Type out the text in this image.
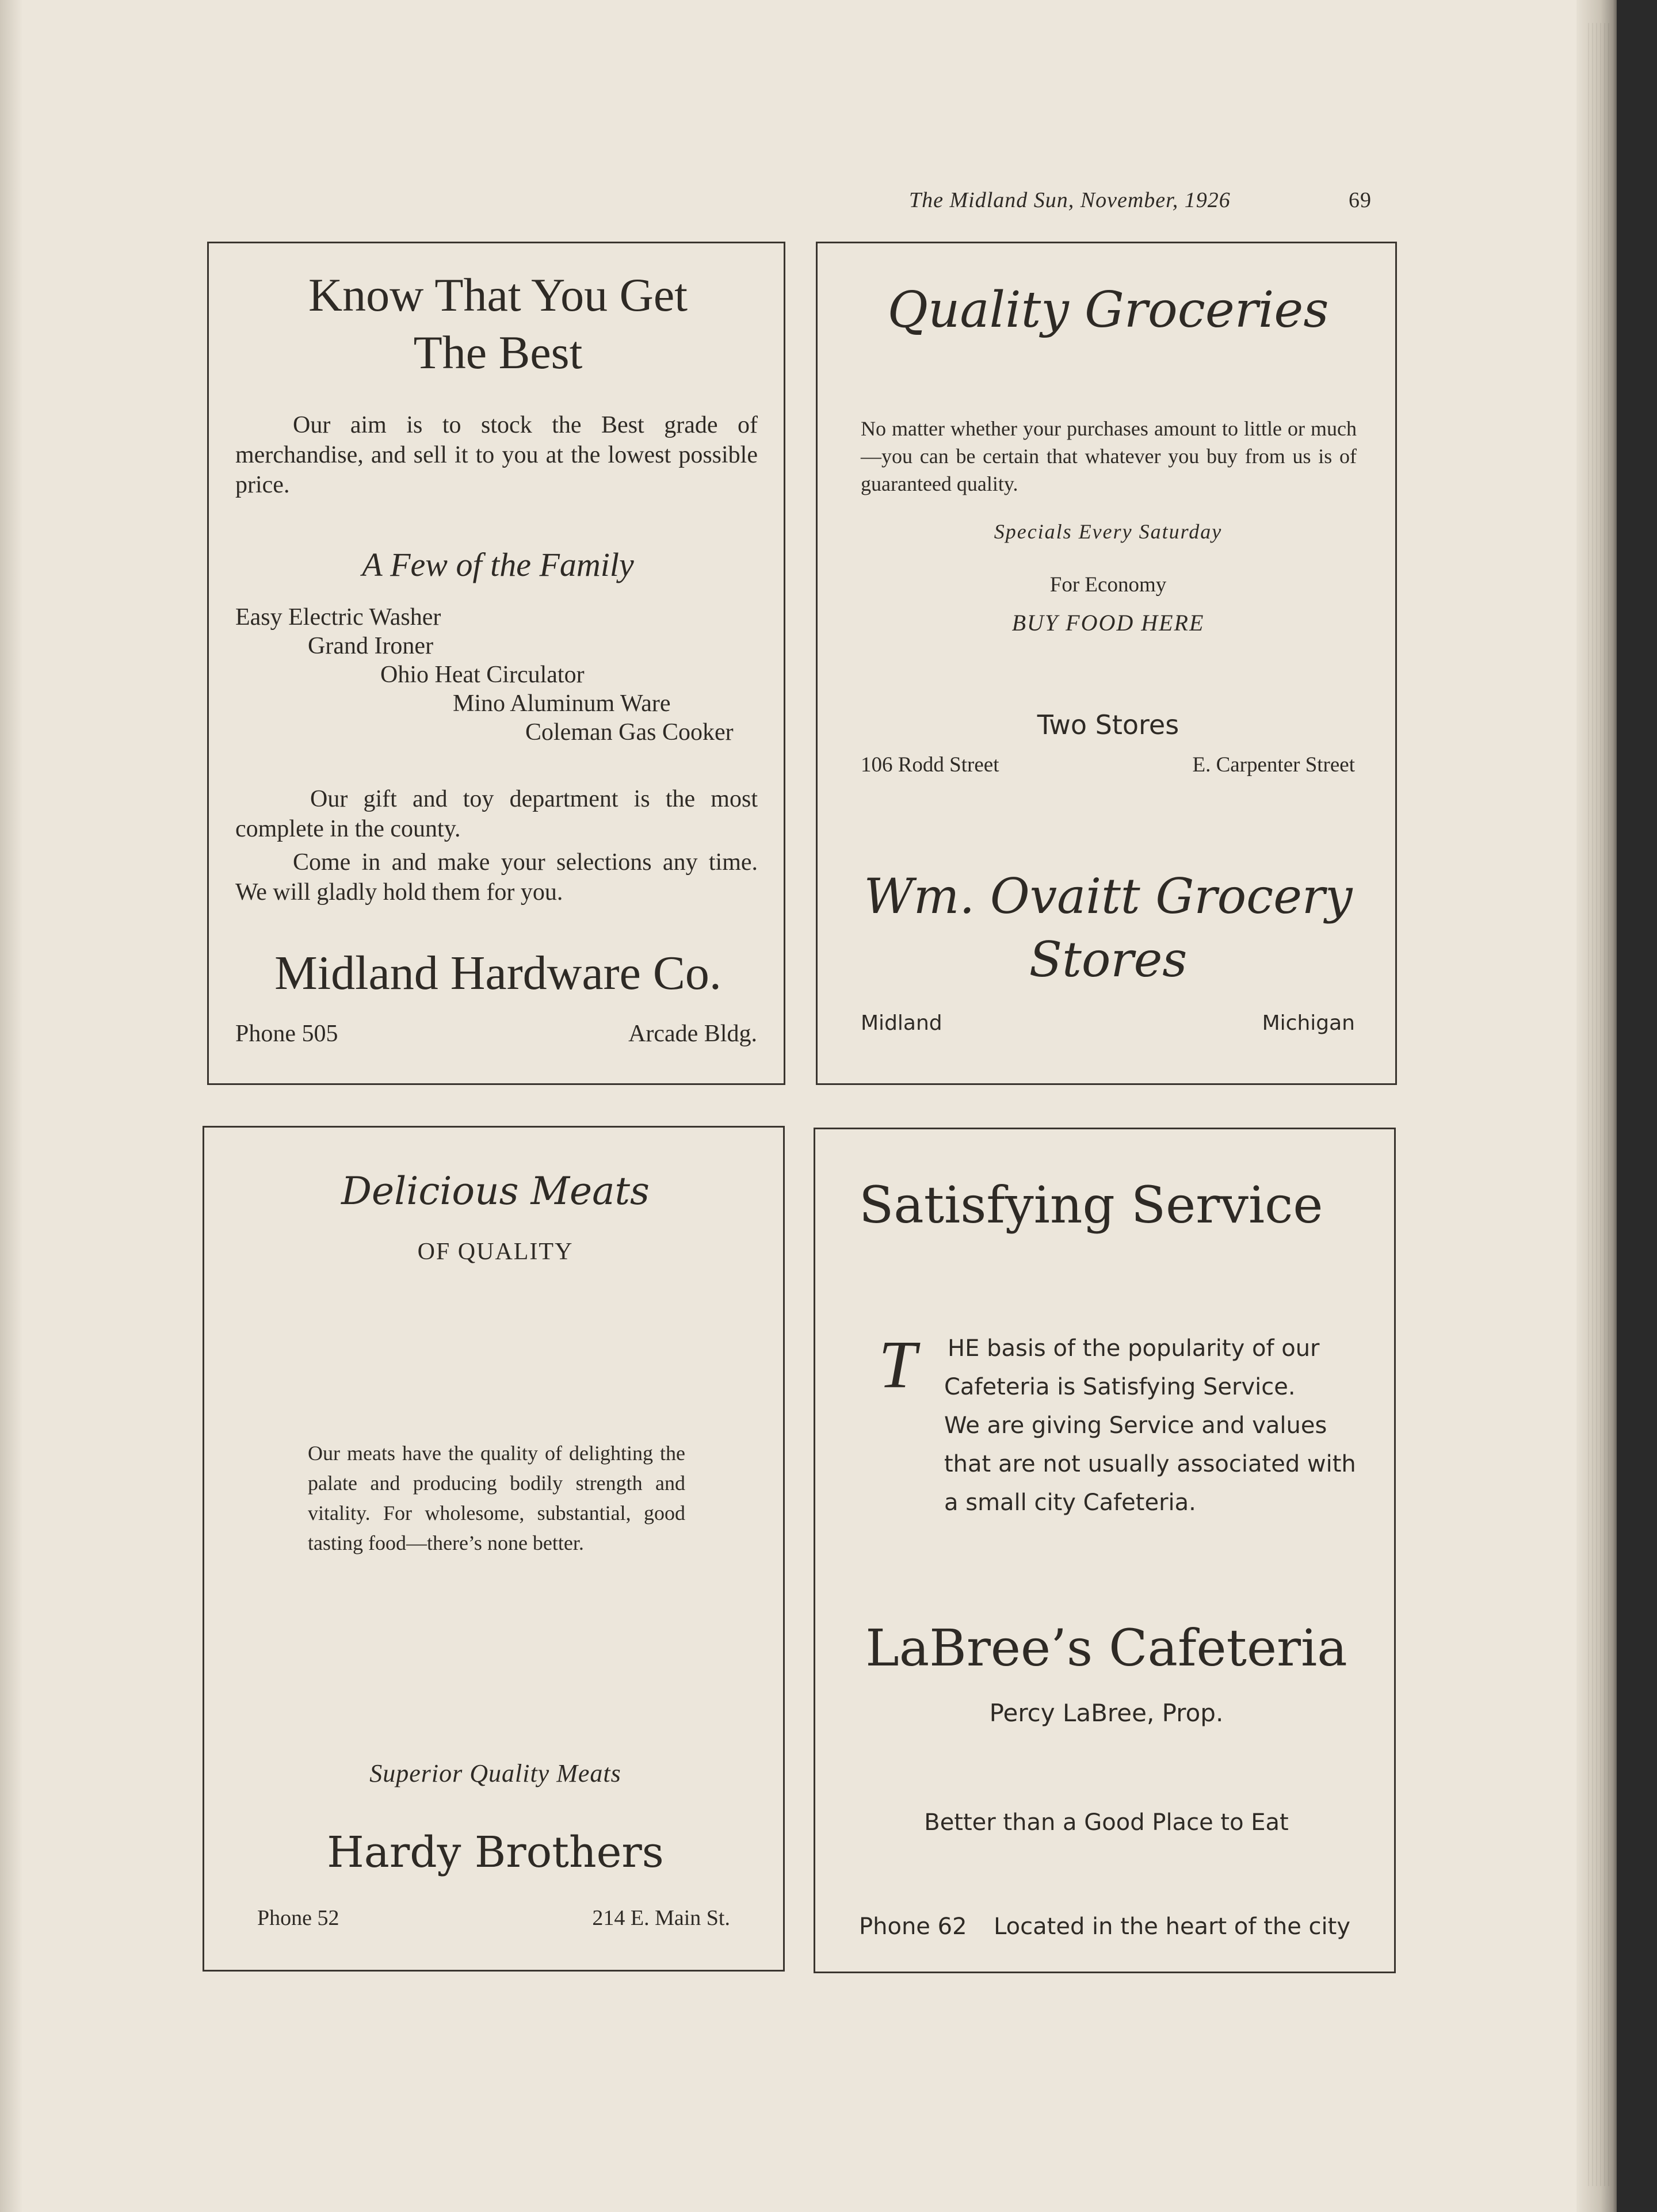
The Midland Sun, November, 1926	69
Know That You Get
The Best
Our aim is to stock the Best grade of merchandise, and sell it to you at the lowest possible price.
A Few of the Family
Easy Electric Washer
Grand Ironer
Ohio Heat Circulator
Mino Aluminum Ware
Coleman Gas Cooker
Our gift and toy department is the most complete in the county.
Come in and make your selections any time. We will gladly hold them for you.
Midland Hardware Co.
Phone 505	Arcade Bldg.
Quality Groceries
No matter whether your purchases amount to little or much—you can be certain that whatever you buy from us is of guaranteed quality.
Specials Every Saturday
For Economy
BUY FOOD HERE
Two Stores
106 Rodd Street	E. Carpenter Street
Wm. Ovaitt Grocery
Stores
Midland	Michigan
Delicious Meats
OF QUALITY
Our meats have the quality of delighting the palate and producing bodily strength and vitality. For wholesome, substantial, good tasting food—there’s none better.
Superior Quality Meats
Hardy Brothers
Phone 52	214 E. Main St.
Satisfying Service
T HE basis of the popularity of our
Cafeteria is Satisfying Service.
We are giving Service and values
that are not usually associated with
a small city Cafeteria.
LaBree’s Cafeteria
Percy LaBree, Prop.
Better than a Good Place to Eat
Phone 62 Located in the heart of the city
